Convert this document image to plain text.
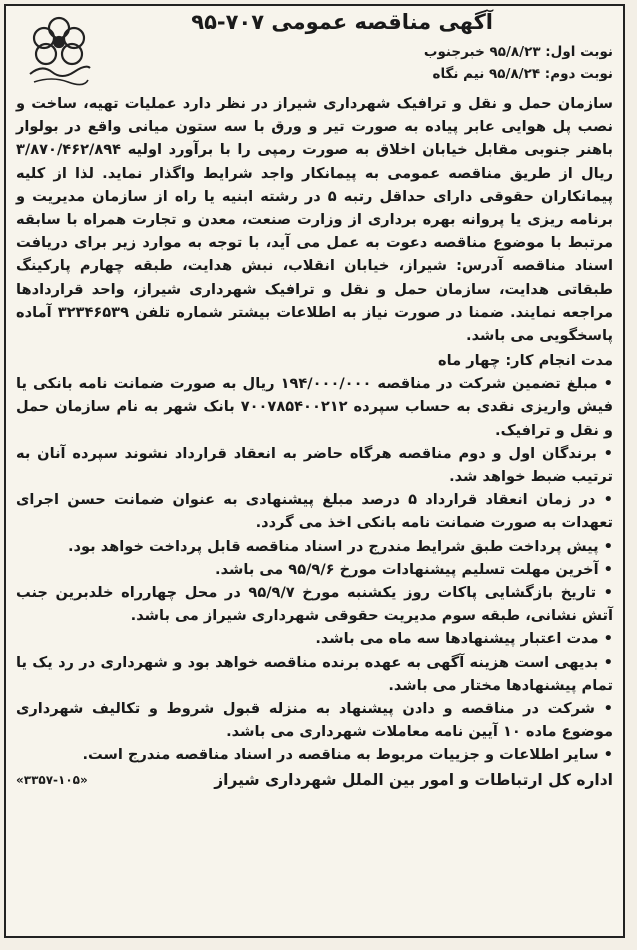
آگهی مناقصه عمومی ۷۰۷-۹۵
نوبت اول: ۹۵/۸/۲۳ خبرجنوب
نوبت دوم: ۹۵/۸/۲۴ نیم نگاه

سازمان حمل و نقل و ترافیک شهرداری شیراز در نظر دارد عملیات تهیه، ساخت و نصب پل هوایی عابر پیاده به صورت تیر و ورق با سه ستون میانی واقع در بولوار باهنر جنوبی مقابل خیابان اخلاق به صورت رمپی را با برآورد اولیه ۳/۸۷۰/۴۶۲/۸۹۴ ریال از طریق مناقصه عمومی به پیمانکار واجد شرایط واگذار نماید. لذا از کلیه پیمانکاران حقوقی دارای حداقل رتبه ۵ در رشته ابنیه یا راه از سازمان مدیریت و برنامه ریزی یا پروانه بهره برداری از وزارت صنعت، معدن و تجارت همراه با سابقه مرتبط با موضوع مناقصه دعوت به عمل می آید، با توجه به موارد زیر برای دریافت اسناد مناقصه آدرس: شیراز، خیابان انقلاب، نبش هدایت، طبقه چهارم پارکینگ طبقاتی هدایت، سازمان حمل و نقل و ترافیک شهرداری شیراز، واحد قراردادها مراجعه نمایند. ضمنا در صورت نیاز به اطلاعات بیشتر شماره تلفن ۳۲۳۴۶۵۳۹ آماده پاسخگویی می باشد.

مدت انجام کار: چهار ماه

• مبلغ تضمین شرکت در مناقصه ۱۹۴/۰۰۰/۰۰۰ ریال به صورت ضمانت نامه بانکی یا فیش واریزی نقدی به حساب سپرده ۷۰۰۷۸۵۴۰۰۲۱۲ بانک شهر به نام سازمان حمل و نقل و ترافیک.
• برندگان اول و دوم مناقصه هرگاه حاضر به انعقاد قرارداد نشوند سپرده آنان به ترتیب ضبط خواهد شد.
• در زمان انعقاد قرارداد ۵ درصد مبلغ پیشنهادی به عنوان ضمانت حسن اجرای تعهدات به صورت ضمانت نامه بانکی اخذ می گردد.
• پیش پرداخت طبق شرایط مندرج در اسناد مناقصه قابل پرداخت خواهد بود.
• آخرین مهلت تسلیم پیشنهادات مورخ ۹۵/۹/۶ می باشد.
• تاریخ بازگشایی پاکات روز یکشنبه مورخ ۹۵/۹/۷ در محل چهارراه خلدبرین جنب آتش نشانی، طبقه سوم مدیریت حقوقی شهرداری شیراز می باشد.
• مدت اعتبار پیشنهادها سه ماه می باشد.
• بدیهی است هزینه آگهی به عهده برنده مناقصه خواهد بود و شهرداری در رد یک یا تمام پیشنهادها مختار می باشد.
• شرکت در مناقصه و دادن پیشنهاد به منزله قبول شروط و تکالیف شهرداری موضوع ماده ۱۰ آیین نامه معاملات شهرداری می باشد.
• سایر اطلاعات و جزییات مربوط به مناقصه در اسناد مناقصه مندرج است.
اداره کل ارتباطات و امور بین الملل شهرداری شیراز
«۳۳۵۷-۱۰۵»
